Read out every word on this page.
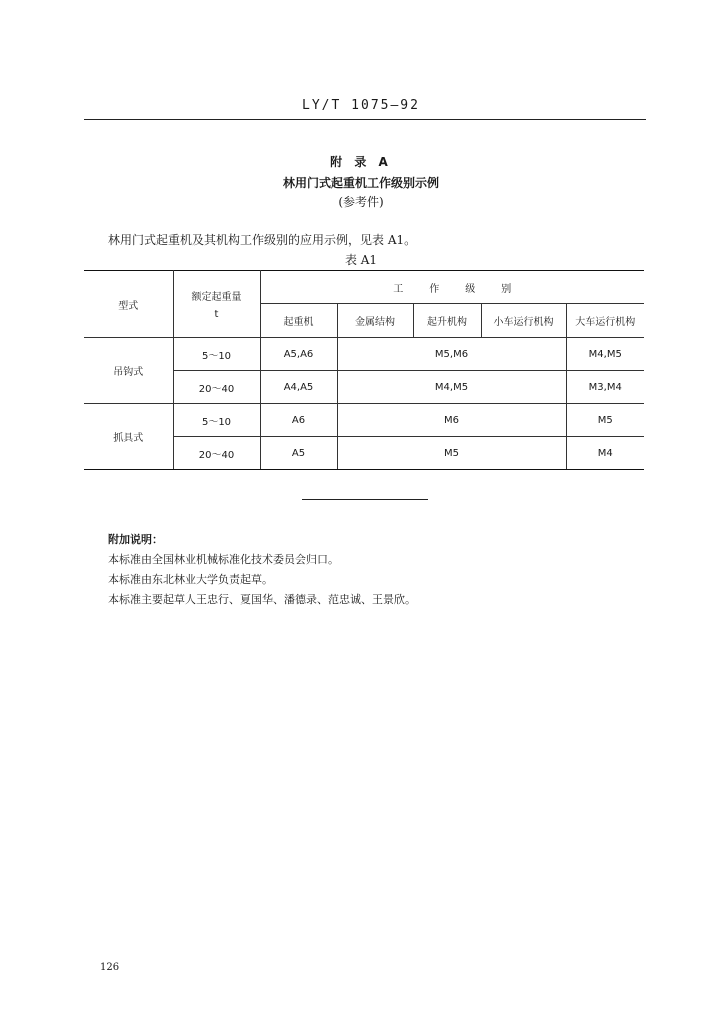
LY/T 1075—92
附 录 A
林用门式起重机工作级别示例
(参考件)
林用门式起重机及其机构工作级别的应用示例，见表 A1。
表 A1
型式	额定起重量
t	工作级别				
		起重机	金属结构	起升机构	小车运行机构	大车运行机构
吊钩式	5～10	A5,A6	M5,M6			M4,M5
	20～40	A4,A5	M4,M5			M3,M4
抓具式	5～10	A6	M6			M5
	20～40	A5	M5			M4
附加说明：
本标准由全国林业机械标准化技术委员会归口。
本标准由东北林业大学负责起草。
本标准主要起草人王忠行、夏国华、潘德录、范忠诚、王景欣。
126
